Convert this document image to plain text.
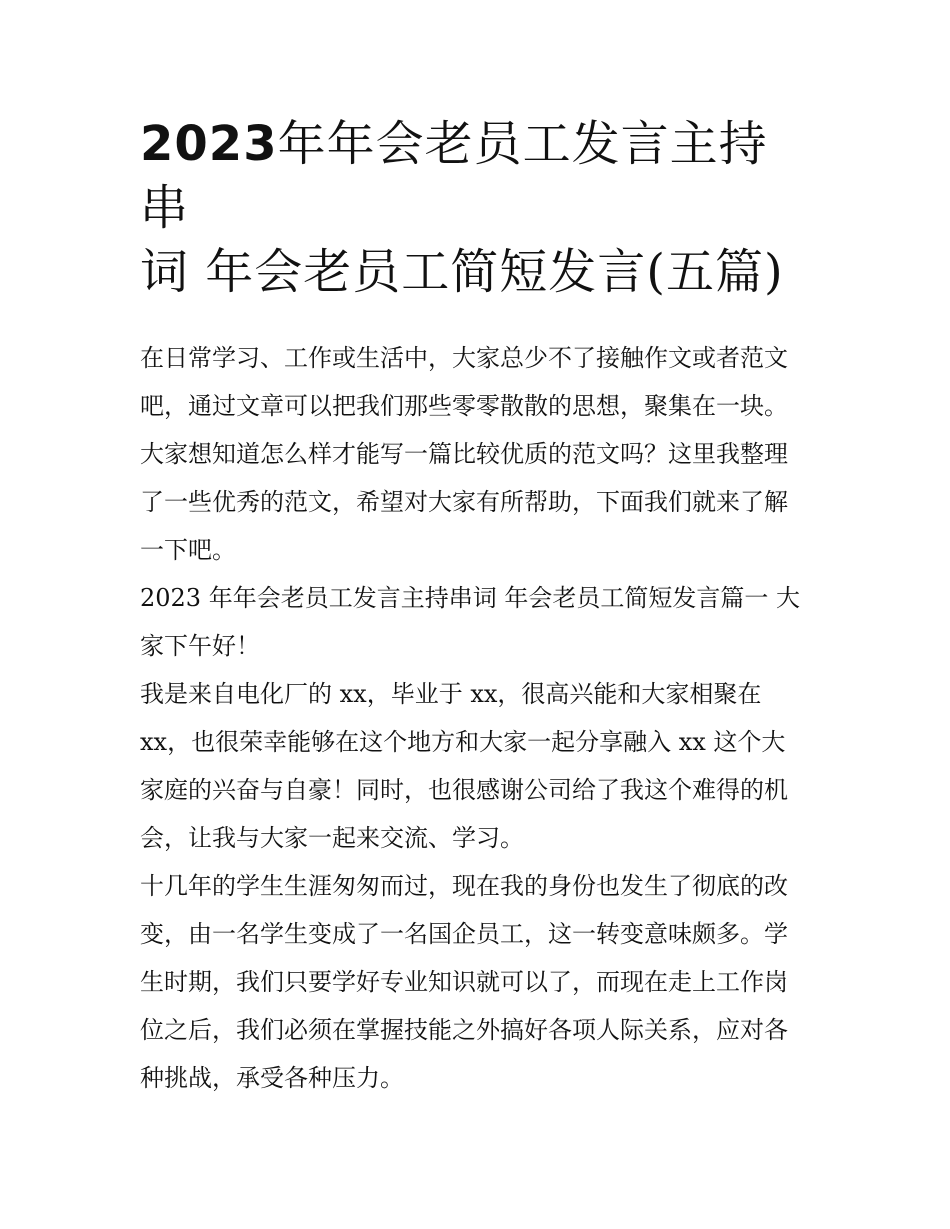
2023年年会老员工发言主持串
词 年会老员工简短发言(五篇)

在日常学习、工作或生活中，大家总少不了接触作文或者范文
吧，通过文章可以把我们那些零零散散的思想，聚集在一块。
大家想知道怎么样才能写一篇比较优质的范文吗？这里我整理
了一些优秀的范文，希望对大家有所帮助，下面我们就来了解
一下吧。

2023 年年会老员工发言主持串词 年会老员工简短发言篇一 大
家下午好！

我是来自电化厂的 xx，毕业于 xx，很高兴能和大家相聚在
xx，也很荣幸能够在这个地方和大家一起分享融入 xx 这个大
家庭的兴奋与自豪！同时，也很感谢公司给了我这个难得的机
会，让我与大家一起来交流、学习。

十几年的学生生涯匆匆而过，现在我的身份也发生了彻底的改
变，由一名学生变成了一名国企员工，这一转变意味颇多。学
生时期，我们只要学好专业知识就可以了，而现在走上工作岗
位之后，我们必须在掌握技能之外搞好各项人际关系，应对各
种挑战，承受各种压力。
